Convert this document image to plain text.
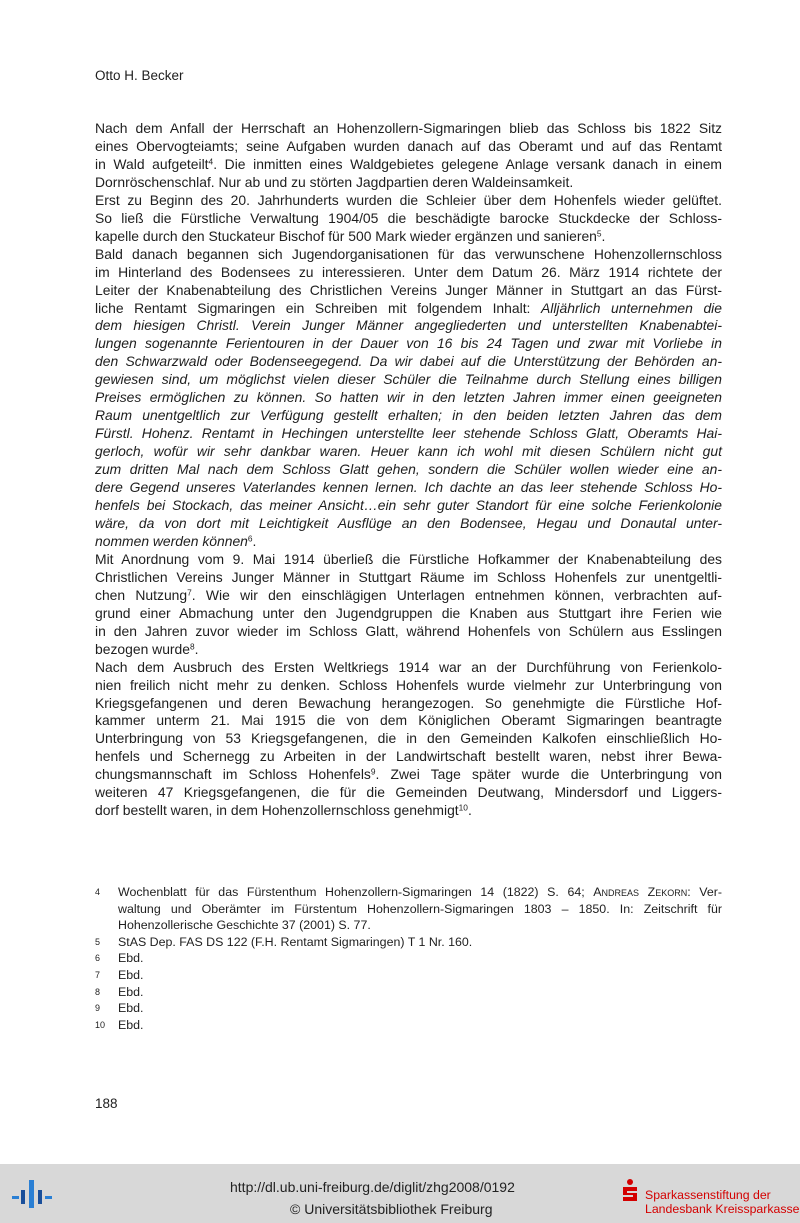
Otto H. Becker
Nach dem Anfall der Herrschaft an Hohenzollern-Sigmaringen blieb das Schloss bis 1822 Sitz
eines Obervogteiamts; seine Aufgaben wurden danach auf das Oberamt und auf das Rentamt
in Wald aufgeteilt$^4$. Die inmitten eines Waldgebietes gelegene Anlage versank danach in einem
Dornröschenschlaf. Nur ab und zu störten Jagdpartien deren Waldeinsamkeit.
Erst zu Beginn des 20. Jahrhunderts wurden die Schleier über dem Hohenfels wieder gelüftet.
So ließ die Fürstliche Verwaltung 1904/05 die beschädigte barocke Stuckdecke der Schloss-
kapelle durch den Stuckateur Bischof für 500 Mark wieder ergänzen und sanieren$^5$.
Bald danach begannen sich Jugendorganisationen für das verwunschene Hohenzollernschloss
im Hinterland des Bodensees zu interessieren. Unter dem Datum 26. März 1914 richtete der
Leiter der Knabenabteilung des Christlichen Vereins Junger Männer in Stuttgart an das Fürst-
liche Rentamt Sigmaringen ein Schreiben mit folgendem Inhalt: Alljährlich unternehmen die
dem hiesigen Christl. Verein Junger Männer angegliederten und unterstellten Knabenabtei-
lungen sogenannte Ferientouren in der Dauer von 16 bis 24 Tagen und zwar mit Vorliebe in
den Schwarzwald oder Bodenseegegend. Da wir dabei auf die Unterstützung der Behörden an-
gewiesen sind, um möglichst vielen dieser Schüler die Teilnahme durch Stellung eines billigen
Preises ermöglichen zu können. So hatten wir in den letzten Jahren immer einen geeigneten
Raum unentgeltlich zur Verfügung gestellt erhalten; in den beiden letzten Jahren das dem
Fürstl. Hohenz. Rentamt in Hechingen unterstellte leer stehende Schloss Glatt, Oberamts Hai-
gerloch, wofür wir sehr dankbar waren. Heuer kann ich wohl mit diesen Schülern nicht gut
zum dritten Mal nach dem Schloss Glatt gehen, sondern die Schüler wollen wieder eine an-
dere Gegend unseres Vaterlandes kennen lernen. Ich dachte an das leer stehende Schloss Ho-
henfels bei Stockach, das meiner Ansicht…ein sehr guter Standort für eine solche Ferienkolonie
wäre, da von dort mit Leichtigkeit Ausflüge an den Bodensee, Hegau und Donautal unter-
nommen werden können$^6$.
Mit Anordnung vom 9. Mai 1914 überließ die Fürstliche Hofkammer der Knabenabteilung des
Christlichen Vereins Junger Männer in Stuttgart Räume im Schloss Hohenfels zur unentgeltli-
chen Nutzung$^7$. Wie wir den einschlägigen Unterlagen entnehmen können, verbrachten auf-
grund einer Abmachung unter den Jugendgruppen die Knaben aus Stuttgart ihre Ferien wie
in den Jahren zuvor wieder im Schloss Glatt, während Hohenfels von Schülern aus Esslingen
bezogen wurde$^8$.
Nach dem Ausbruch des Ersten Weltkriegs 1914 war an der Durchführung von Ferienkolo-
nien freilich nicht mehr zu denken. Schloss Hohenfels wurde vielmehr zur Unterbringung von
Kriegsgefangenen und deren Bewachung herangezogen. So genehmigte die Fürstliche Hof-
kammer unterm 21. Mai 1915 die von dem Königlichen Oberamt Sigmaringen beantragte
Unterbringung von 53 Kriegsgefangenen, die in den Gemeinden Kalkofen einschließlich Ho-
henfels und Schernegg zu Arbeiten in der Landwirtschaft bestellt waren, nebst ihrer Bewa-
chungsmannschaft im Schloss Hohenfels$^9$. Zwei Tage später wurde die Unterbringung von
weiteren 47 Kriegsgefangenen, die für die Gemeinden Deutwang, Mindersdorf und Liggers-
dorf bestellt waren, in dem Hohenzollernschloss genehmigt$^{10}$.
4	Wochenblatt für das Fürstenthum Hohenzollern-Sigmaringen 14 (1822) S. 64; Andreas Zekorn: Ver-
waltung und Oberämter im Fürstentum Hohenzollern-Sigmaringen 1803 – 1850. In: Zeitschrift für
Hohenzollerische Geschichte 37 (2001) S. 77.
5	StAS Dep. FAS DS 122 (F.H. Rentamt Sigmaringen) T 1 Nr. 160.
6	Ebd.
7	Ebd.
8	Ebd.
9	Ebd.
10	Ebd.
188
http://dl.ub.uni-freiburg.de/diglit/zhg2008/0192
© Universitätsbibliothek Freiburg
Sparkassenstiftung der
Landesbank Kreissparkasse
